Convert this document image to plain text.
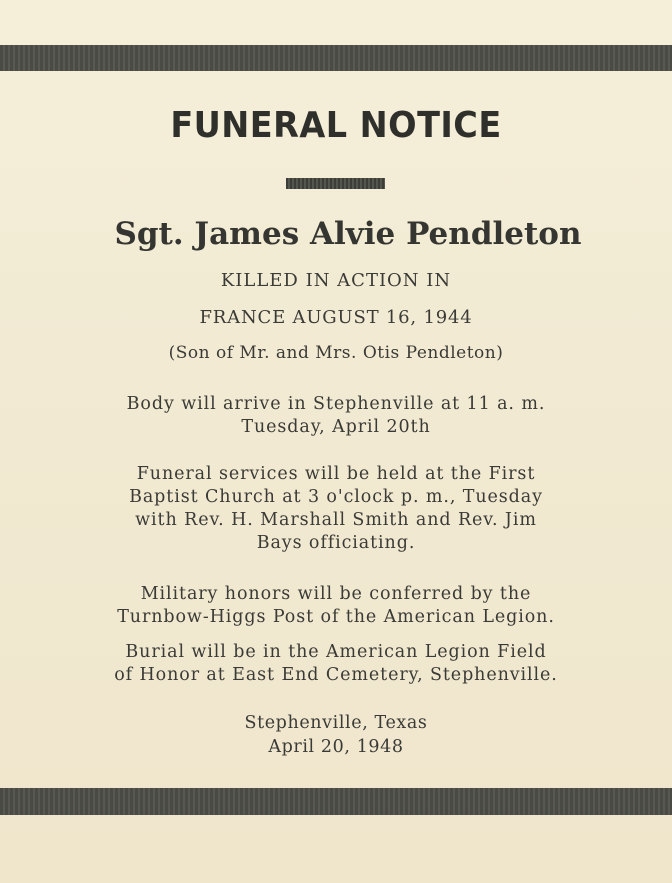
FUNERAL NOTICE
Sgt. James Alvie Pendleton

KILLED IN ACTION IN

FRANCE AUGUST 16, 1944

(Son of Mr. and Mrs. Otis Pendleton)

Body will arrive in Stephenville at 11 a. m.
Tuesday, April 20th
Funeral services will be held at the First
Baptist Church at 3 o'clock p. m., Tuesday
with Rev. H. Marshall Smith and Rev. Jim
Bays officiating.
Military honors will be conferred by the
Turnbow-Higgs Post of the American Legion.
Burial will be in the American Legion Field
of Honor at East End Cemetery, Stephenville.
Stephenville, Texas
April 20, 1948
